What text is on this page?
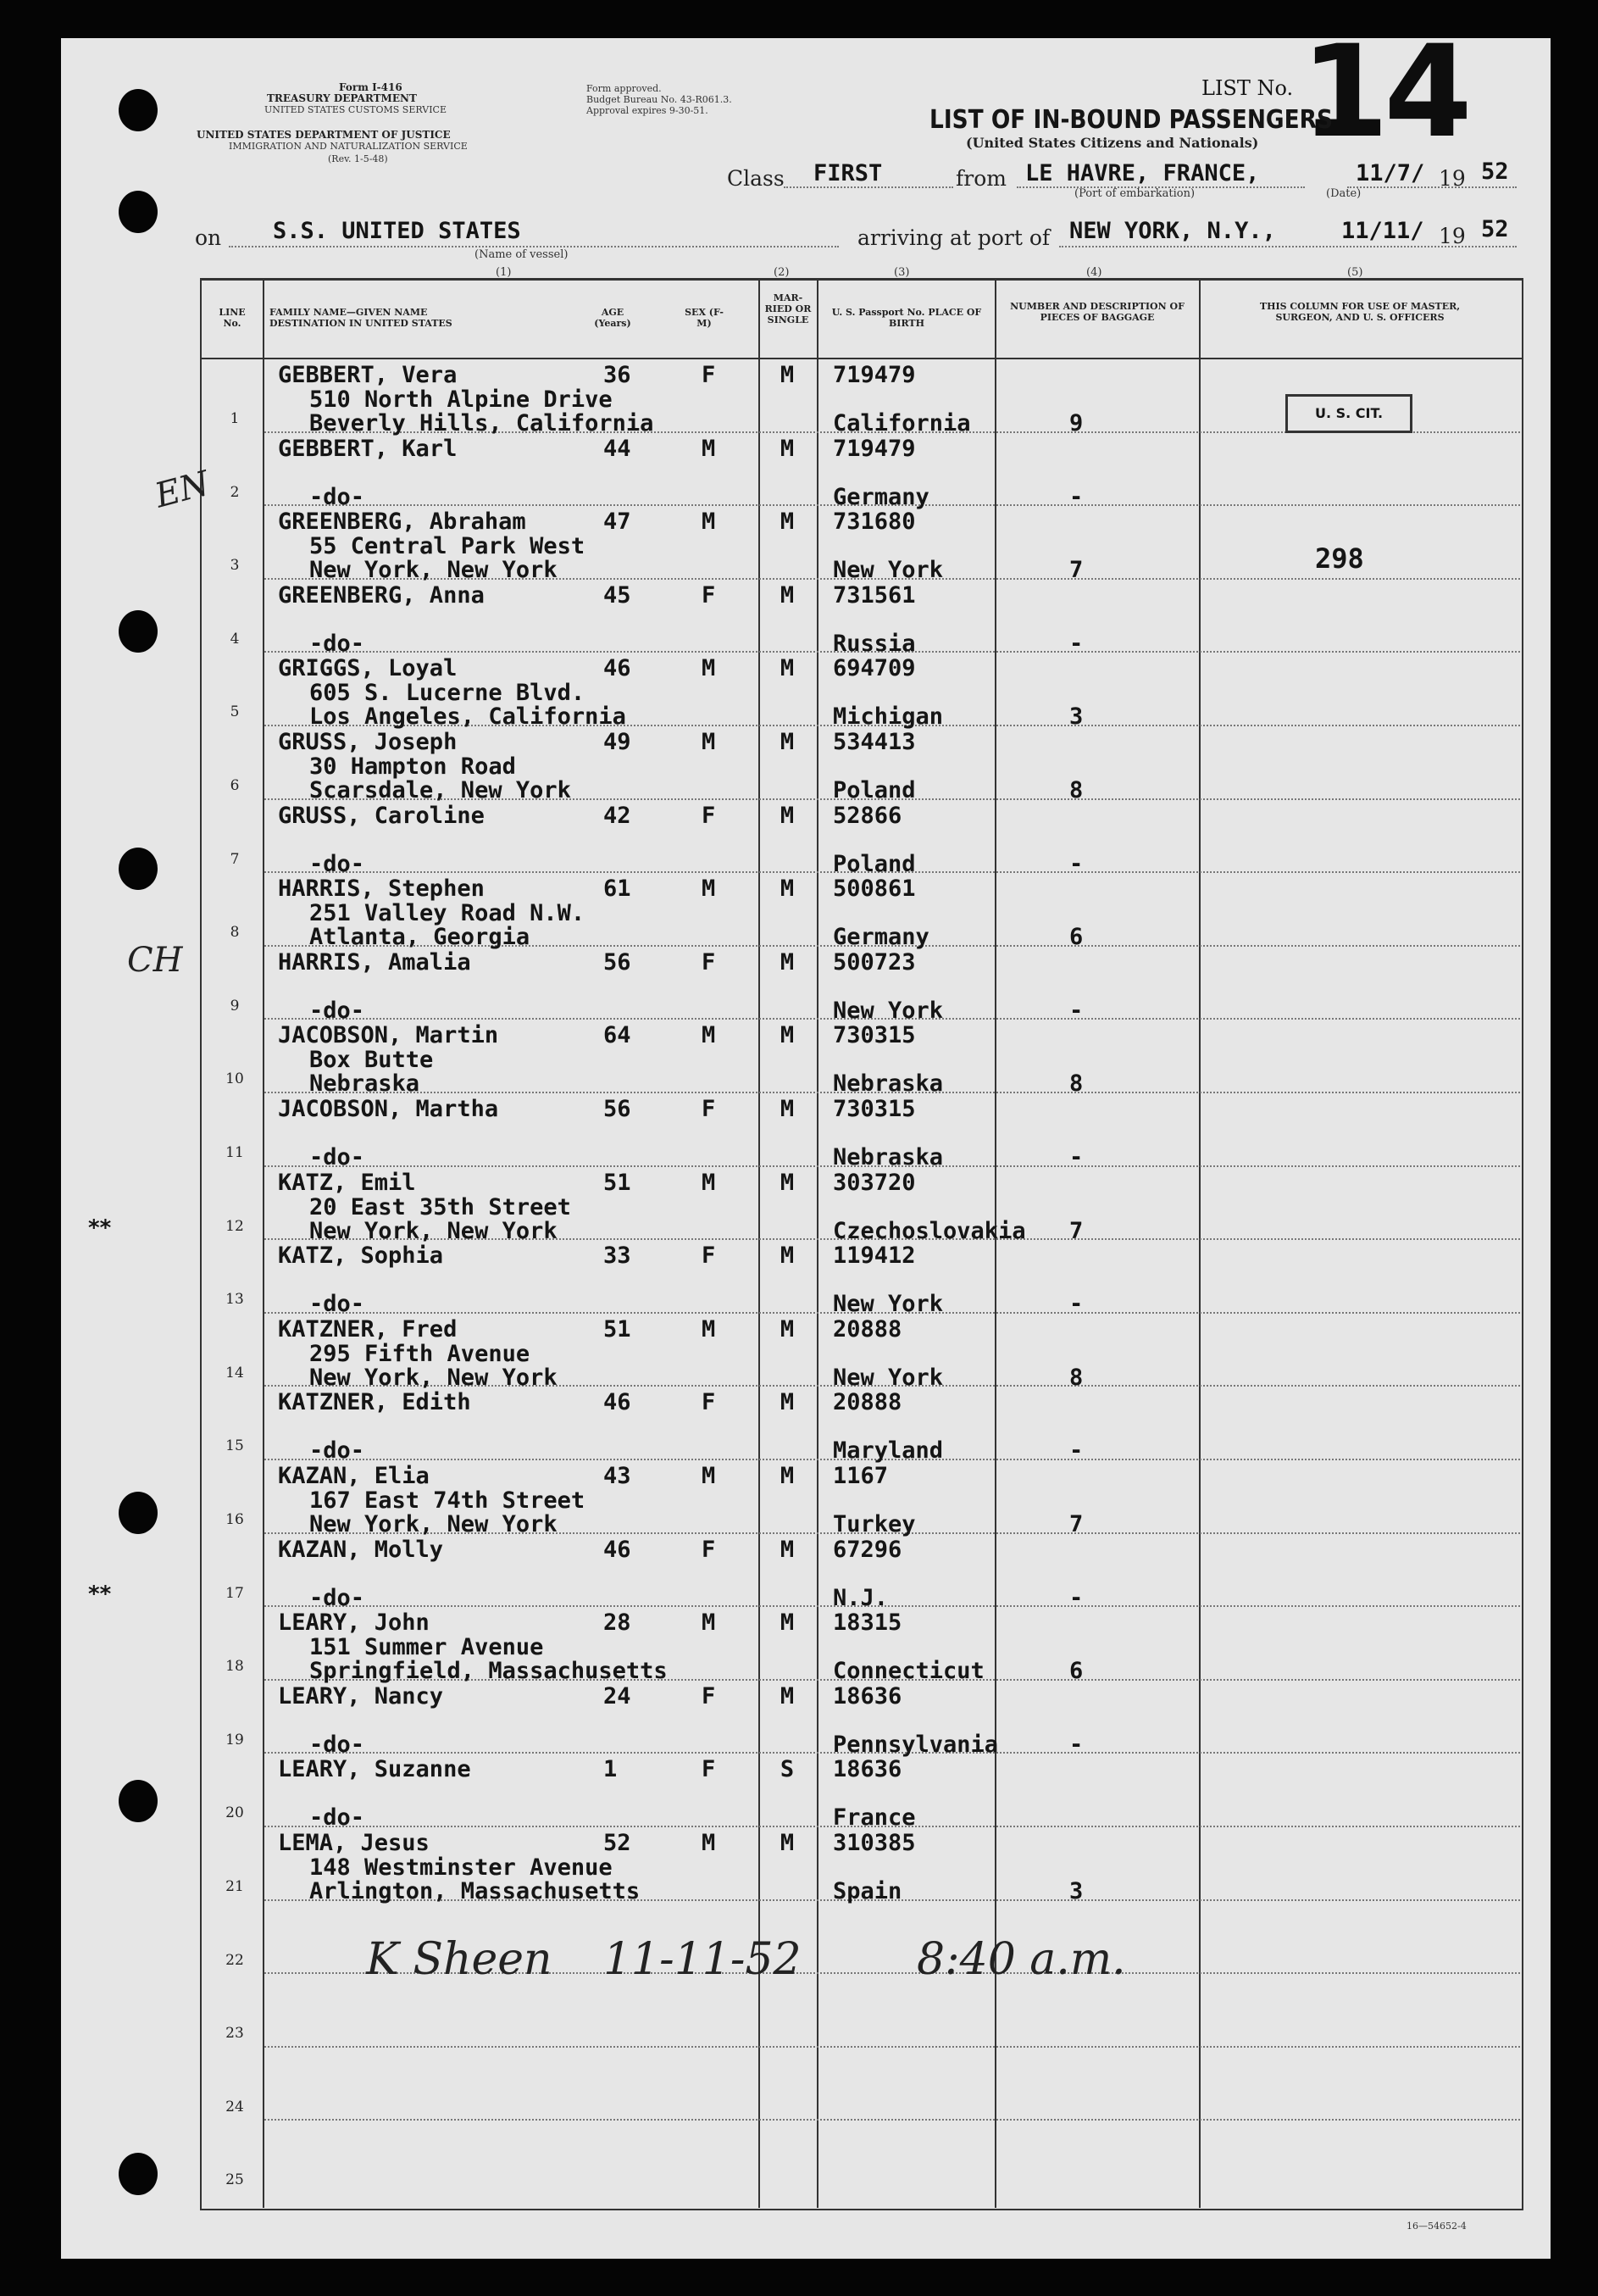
Form I-416
TREASURY DEPARTMENT
UNITED STATES CUSTOMS SERVICE
UNITED STATES DEPARTMENT OF JUSTICE
IMMIGRATION AND NATURALIZATION SERVICE
(Rev. 1-5-48)
Form approved.
Budget Bureau No. 43-R061.3.
Approval expires 9-30-51.
LIST No. 14
LIST OF IN-BOUND PASSENGERS
(United States Citizens and Nationals)
Class FIRST	from LE HAVRE, FRANCE,
(Port of embarkation)
11/7/ 19 52
(Date)
on S.S. UNITED STATES
(Name of vessel)
arriving at port of NEW YORK, N.Y.,	11/11/ 19 52
(1)	(2)	(3)	(4)	(5)
LINE No.
FAMILY NAME—GIVEN NAME DESTINATION IN UNITED STATES
AGE (Years)
SEX (F-M)
MAR-RIED OR SINGLE
U. S. Passport No. PLACE OF BIRTH
NUMBER AND DESCRIPTION OF PIECES OF BAGGAGE
THIS COLUMN FOR USE OF MASTER, SURGEON, AND U. S. OFFICERS
1
GEBBERT, Vera
510 North Alpine Drive
Beverly Hills, California
36	F	M	719479
California	9
2
GEBBERT, Karl
-do-
44	M	M	719479
Germany	-
3
GREENBERG, Abraham
55 Central Park West
New York, New York
47	M	M	731680
New York	7
4
GREENBERG, Anna
-do-
45	F	M	731561
Russia	-
5
GRIGGS, Loyal
605 S. Lucerne Blvd.
Los Angeles, California
46	M	M	694709
Michigan	3
6
GRUSS, Joseph
30 Hampton Road
Scarsdale, New York
49	M	M	534413
Poland	8
7
GRUSS, Caroline
-do-
42	F	M	52866
Poland	-
8
HARRIS, Stephen
251 Valley Road N.W.
Atlanta, Georgia
61	M	M	500861
Germany	6
9
HARRIS, Amalia
-do-
56	F	M	500723
New York	-
10
JACOBSON, Martin
Box Butte
Nebraska
64	M	M	730315
Nebraska	8
11
JACOBSON, Martha
-do-
56	F	M	730315
Nebraska	-
12
KATZ, Emil
20 East 35th Street
New York, New York
51	M	M	303720
Czechoslovakia 7
13
KATZ, Sophia
-do-
33	F	M	119412
New York	-
14
KATZNER, Fred
295 Fifth Avenue
New York, New York
51	M	M	20888
New York	8
15
KATZNER, Edith
-do-
46	F	M	20888
Maryland	-
16
KAZAN, Elia
167 East 74th Street
New York, New York
43	M	M	1167
Turkey	7
17
KAZAN, Molly
-do-
46	F	M	67296
N.J.	-
18
LEARY, John
151 Summer Avenue
Springfield, Massachusetts
28	M	M	18315
Connecticut	6
19
LEARY, Nancy
-do-
24	F	M	18636
Pennsylvania	-
20
LEARY, Suzanne
-do-
1	F	S	18636
France
21
LEMA, Jesus
148 Westminster Avenue
Arlington, Massachusetts
52	M	M	310385
Spain	3
22
23
24
25
U. S. CIT.
298
EN
CH
**
**
K Sheen 11-11-52	8:40 a.m.
16—54652-4
